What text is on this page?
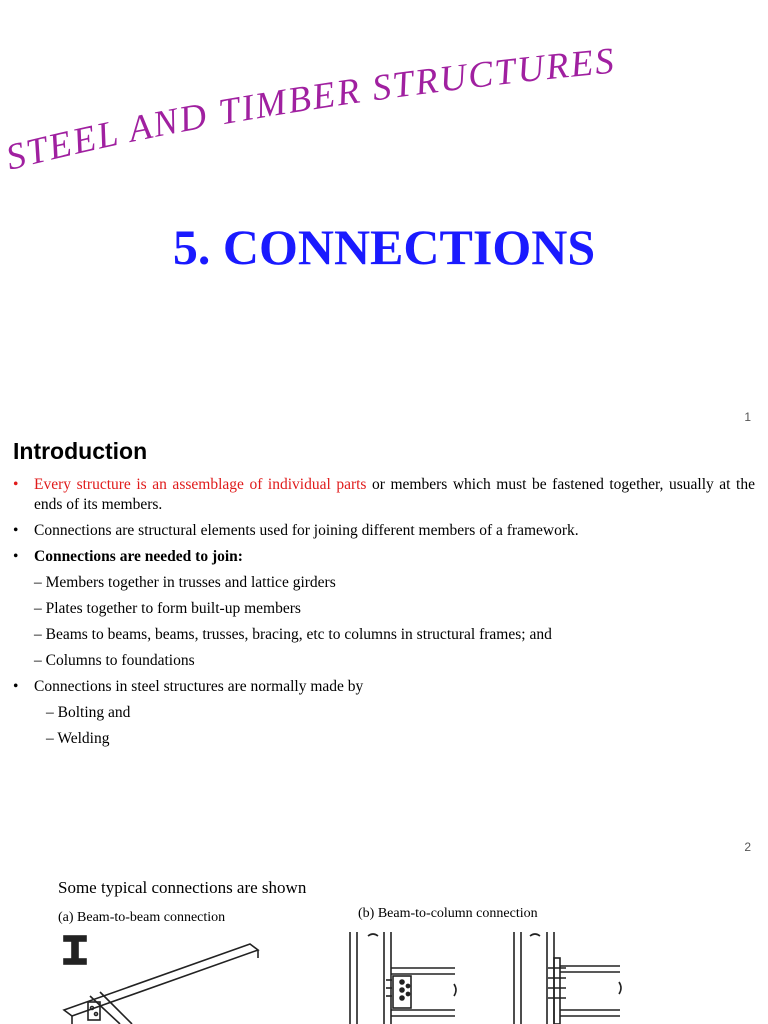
STEEL AND TIMBER STRUCTURES
5. CONNECTIONS
1
Introduction
•	Every structure is an assemblage of individual parts or members which must be fastened together, usually at the ends of its members.
•	Connections are structural elements used for joining different members of a framework.
•	Connections are needed to join:
– Members together in trusses and lattice girders
– Plates together to form built-up members
– Beams to beams, beams, trusses, bracing, etc to columns in structural frames; and
– Columns to foundations
•	Connections in steel structures are normally made by
– Bolting and
– Welding
2
Some typical connections are shown
(a) Beam-to-beam connection	(b) Beam-to-column connection
